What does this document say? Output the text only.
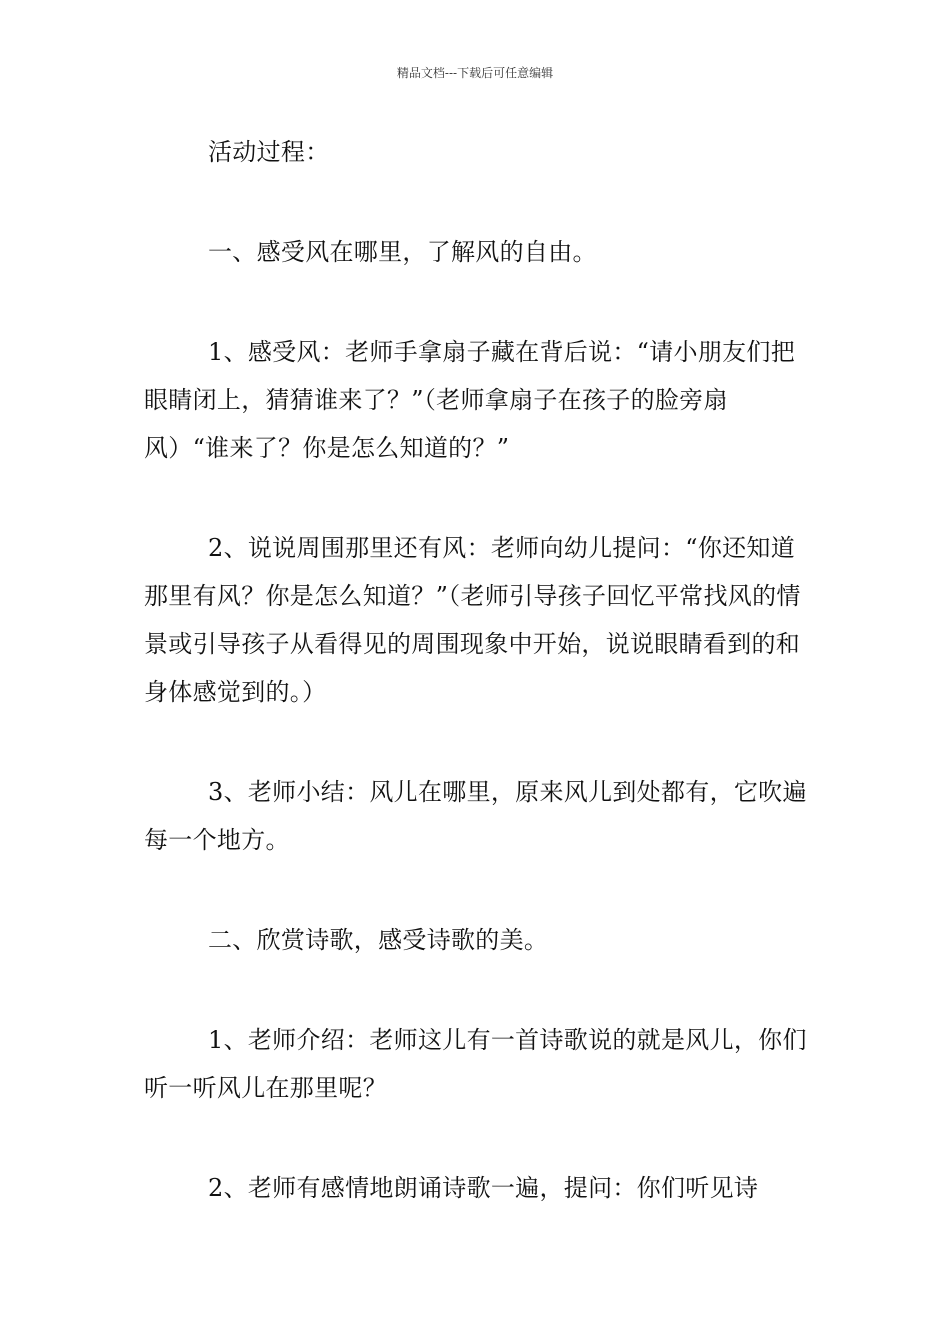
精品文档---下载后可任意编辑

活动过程：

一、感受风在哪里，了解风的自由。

1、感受风：老师手拿扇子藏在背后说：“请小朋友们把眼睛闭上，猜猜谁来了？”（老师拿扇子在孩子的脸旁扇风）“谁来了？你是怎么知道的？”

2、说说周围那里还有风：老师向幼儿提问：“你还知道那里有风？你是怎么知道？”（老师引导孩子回忆平常找风的情景或引导孩子从看得见的周围现象中开始，说说眼睛看到的和身体感觉到的。）

3、老师小结：风儿在哪里，原来风儿到处都有，它吹遍每一个地方。

二、欣赏诗歌，感受诗歌的美。

1、老师介绍：老师这儿有一首诗歌说的就是风儿，你们听一听风儿在那里呢？

2、老师有感情地朗诵诗歌一遍，提问：你们听见诗
